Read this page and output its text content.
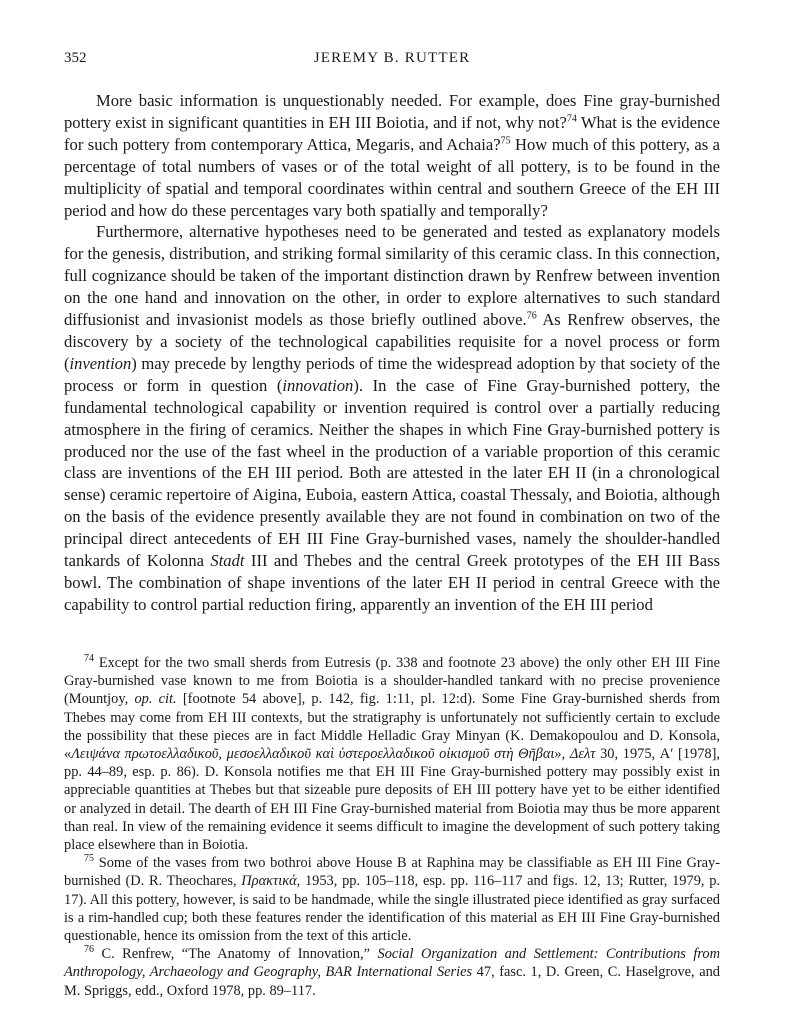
352	JEREMY B. RUTTER

More basic information is unquestionably needed. For example, does Fine gray-burnished pottery exist in significant quantities in EH III Boiotia, and if not, why not?$^{74}$ What is the evidence for such pottery from contemporary Attica, Megaris, and Achaia?$^{75}$ How much of this pottery, as a percentage of total numbers of vases or of the total weight of all pottery, is to be found in the multiplicity of spatial and temporal coordinates within central and southern Greece of the EH III period and how do these percentages vary both spatially and temporally?

Furthermore, alternative hypotheses need to be generated and tested as explanatory models for the genesis, distribution, and striking formal similarity of this ceramic class. In this connection, full cognizance should be taken of the important distinction drawn by Renfrew between invention on the one hand and innovation on the other, in order to explore alternatives to such standard diffusionist and invasionist models as those briefly outlined above.$^{76}$ As Renfrew observes, the discovery by a society of the technological capabilities requisite for a novel process or form (invention) may precede by lengthy periods of time the widespread adoption by that society of the process or form in question (innovation). In the case of Fine Gray-burnished pottery, the fundamental technological capability or invention required is control over a partially reducing atmosphere in the firing of ceramics. Neither the shapes in which Fine Gray-burnished pottery is produced nor the use of the fast wheel in the production of a variable proportion of this ceramic class are inventions of the EH III period. Both are attested in the later EH II (in a chronological sense) ceramic repertoire of Aigina, Euboia, eastern Attica, coastal Thessaly, and Boiotia, although on the basis of the evidence presently available they are not found in combination on two of the principal direct antecedents of EH III Fine Gray-burnished vases, namely the shoulder-handled tankards of Kolonna Stadt III and Thebes and the central Greek prototypes of the EH III Bass bowl. The combination of shape inventions of the later EH II period in central Greece with the capability to control partial reduction firing, apparently an invention of the EH III period

$^{74}$ Except for the two small sherds from Eutresis (p. 338 and footnote 23 above) the only other EH III Fine Gray-burnished vase known to me from Boiotia is a shoulder-handled tankard with no precise provenience (Mountjoy, op. cit. [footnote 54 above], p. 142, fig. 1:11, pl. 12:d). Some Fine Gray-burnished sherds from Thebes may come from EH III contexts, but the stratigraphy is unfortunately not sufficiently certain to exclude the possibility that these pieces are in fact Middle Helladic Gray Minyan (K. Demakopoulou and D. Konsola, «Λειψάνα πρωτοελλαδικοῦ, μεσοελλαδικοῦ καὶ ὑστεροελλαδικοῦ οἰκισμοῦ στὴ Θῆβαι», Δελτ 30, 1975, A′ [1978], pp. 44–89, esp. p. 86). D. Konsola notifies me that EH III Fine Gray-burnished pottery may possibly exist in appreciable quantities at Thebes but that sizeable pure deposits of EH III pottery have yet to be either identified or analyzed in detail. The dearth of EH III Fine Gray-burnished material from Boiotia may thus be more apparent than real. In view of the remaining evidence it seems difficult to imagine the development of such pottery taking place elsewhere than in Boiotia.

$^{75}$ Some of the vases from two bothroi above House B at Raphina may be classifiable as EH III Fine Gray-burnished (D. R. Theochares, Πρακτικά, 1953, pp. 105–118, esp. pp. 116–117 and figs. 12, 13; Rutter, 1979, p. 17). All this pottery, however, is said to be handmade, while the single illustrated piece identified as gray surfaced is a rim-handled cup; both these features render the identification of this material as EH III Fine Gray-burnished questionable, hence its omission from the text of this article.

$^{76}$ C. Renfrew, “The Anatomy of Innovation,” Social Organization and Settlement: Contributions from Anthropology, Archaeology and Geography, BAR International Series 47, fasc. 1, D. Green, C. Haselgrove, and M. Spriggs, edd., Oxford 1978, pp. 89–117.
